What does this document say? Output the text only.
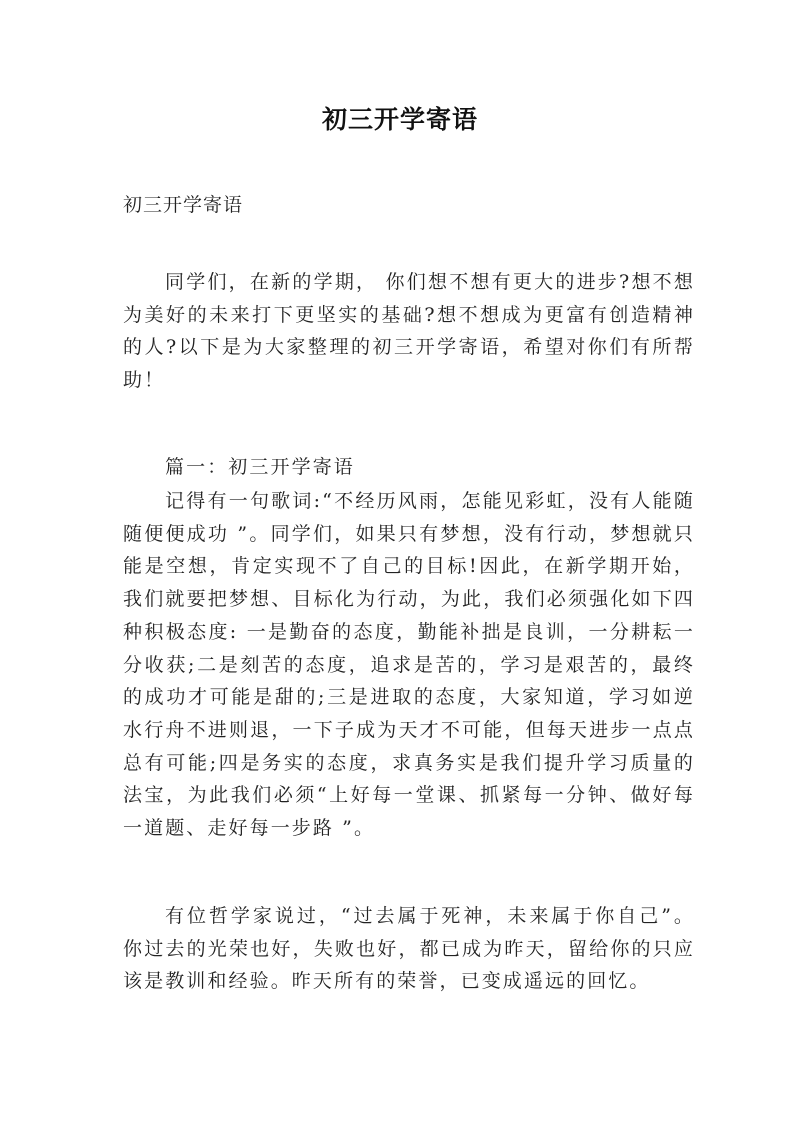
初三开学寄语

初三开学寄语

同学们，在新的学期， 你们想不想有更大的进步?想不想为美好的未来打下更坚实的基础?想不想成为更富有创造精神的人?以下是为大家整理的初三开学寄语，希望对你们有所帮助！

篇一：初三开学寄语

记得有一句歌词:“不经历风雨，怎能见彩虹，没有人能随随便便成功 ”。同学们，如果只有梦想，没有行动，梦想就只能是空想，肯定实现不了自己的目标!因此，在新学期开始，我们就要把梦想、目标化为行动，为此，我们必须强化如下四种积极态度: 一是勤奋的态度，勤能补拙是良训，一分耕耘一分收获;二是刻苦的态度，追求是苦的，学习是艰苦的，最终的成功才可能是甜的;三是进取的态度，大家知道，学习如逆水行舟不进则退，一下子成为天才不可能，但每天进步一点点总有可能;四是务实的态度，求真务实是我们提升学习质量的法宝，为此我们必须“上好每一堂课、抓紧每一分钟、做好每一道题、走好每一步路 ”。

有位哲学家说过，“过去属于死神，未来属于你自己”。你过去的光荣也好，失败也好，都已成为昨天，留给你的只应该是教训和经验。昨天所有的荣誉，已变成遥远的回忆。
